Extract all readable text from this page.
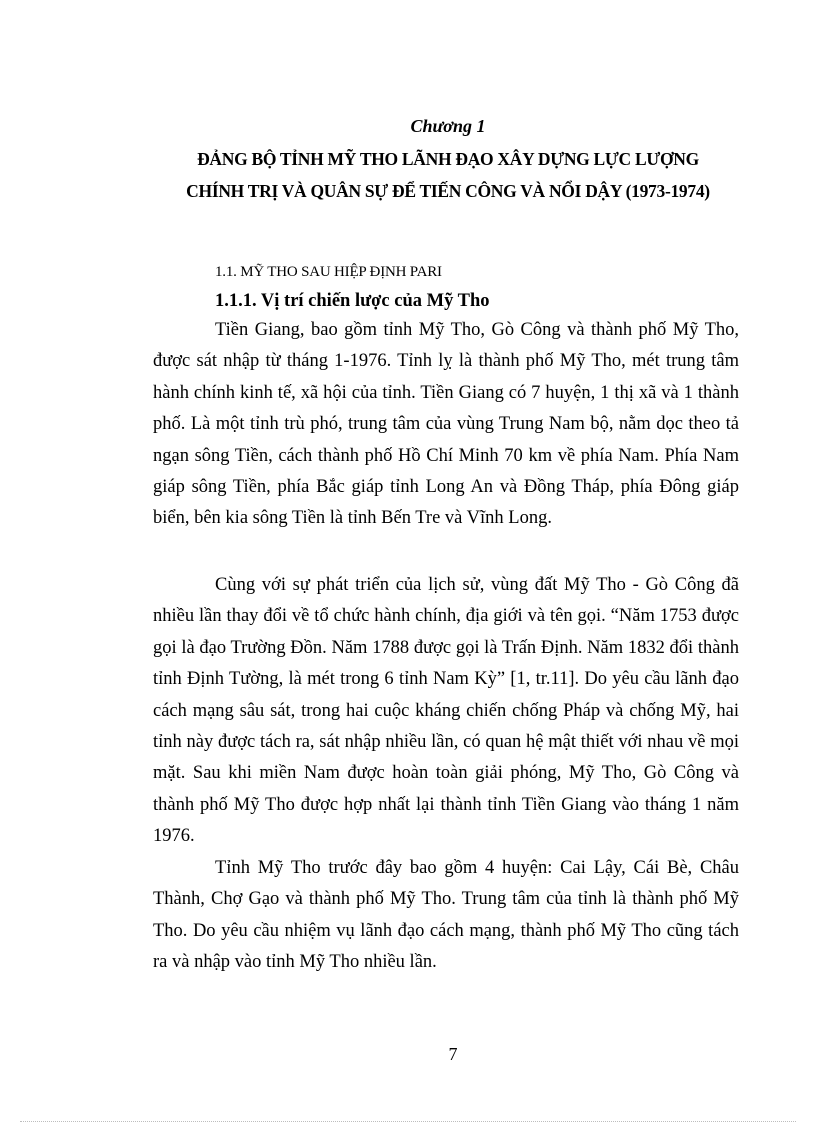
Chương 1
ĐẢNG BỘ TỈNH MỸ THO LÃNH ĐẠO XÂY DỰNG LỰC LƯỢNG
CHÍNH TRỊ VÀ QUÂN SỰ ĐỂ TIẾN CÔNG VÀ NỔI DẬY (1973-1974)
1.1. MỸ THO SAU HIỆP ĐỊNH PARI
1.1.1. Vị trí chiến lược của Mỹ Tho

Tiền Giang, bao gồm tỉnh Mỹ Tho, Gò Công và thành phố Mỹ Tho, được sát nhập từ tháng 1-1976. Tỉnh lỵ là thành phố Mỹ Tho, mét trung tâm hành chính kinh tế, xã hội của tỉnh. Tiền Giang có 7 huyện, 1 thị xã và 1 thành phố. Là một tỉnh trù phó, trung tâm của vùng Trung Nam bộ, nằm dọc theo tả ngạn sông Tiền, cách thành phố Hồ Chí Minh 70 km về phía Nam. Phía Nam giáp sông Tiền, phía Bắc giáp tỉnh Long An và Đồng Tháp, phía Đông giáp biển, bên kia sông Tiền là tỉnh Bến Tre và Vĩnh Long.

Cùng với sự phát triển của lịch sử, vùng đất Mỹ Tho - Gò Công đã nhiều lần thay đổi về tổ chức hành chính, địa giới và tên gọi. “Năm 1753 được gọi là đạo Trường Đồn. Năm 1788 được gọi là Trấn Định. Năm 1832 đổi thành tỉnh Định Tường, là mét trong 6 tỉnh Nam Kỳ” [1, tr.11]. Do yêu cầu lãnh đạo cách mạng sâu sát, trong hai cuộc kháng chiến chống Pháp và chống Mỹ, hai tỉnh này được tách ra, sát nhập nhiều lần, có quan hệ mật thiết với nhau về mọi mặt. Sau khi miền Nam được hoàn toàn giải phóng, Mỹ Tho, Gò Công và thành phố Mỹ Tho được hợp nhất lại thành tỉnh Tiền Giang vào tháng 1 năm 1976.

Tỉnh Mỹ Tho trước đây bao gồm 4 huyện: Cai Lậy, Cái Bè, Châu Thành, Chợ Gạo và thành phố Mỹ Tho. Trung tâm của tỉnh là thành phố Mỹ Tho. Do yêu cầu nhiệm vụ lãnh đạo cách mạng, thành phố Mỹ Tho cũng tách ra và nhập vào tỉnh Mỹ Tho nhiều lần.

7
